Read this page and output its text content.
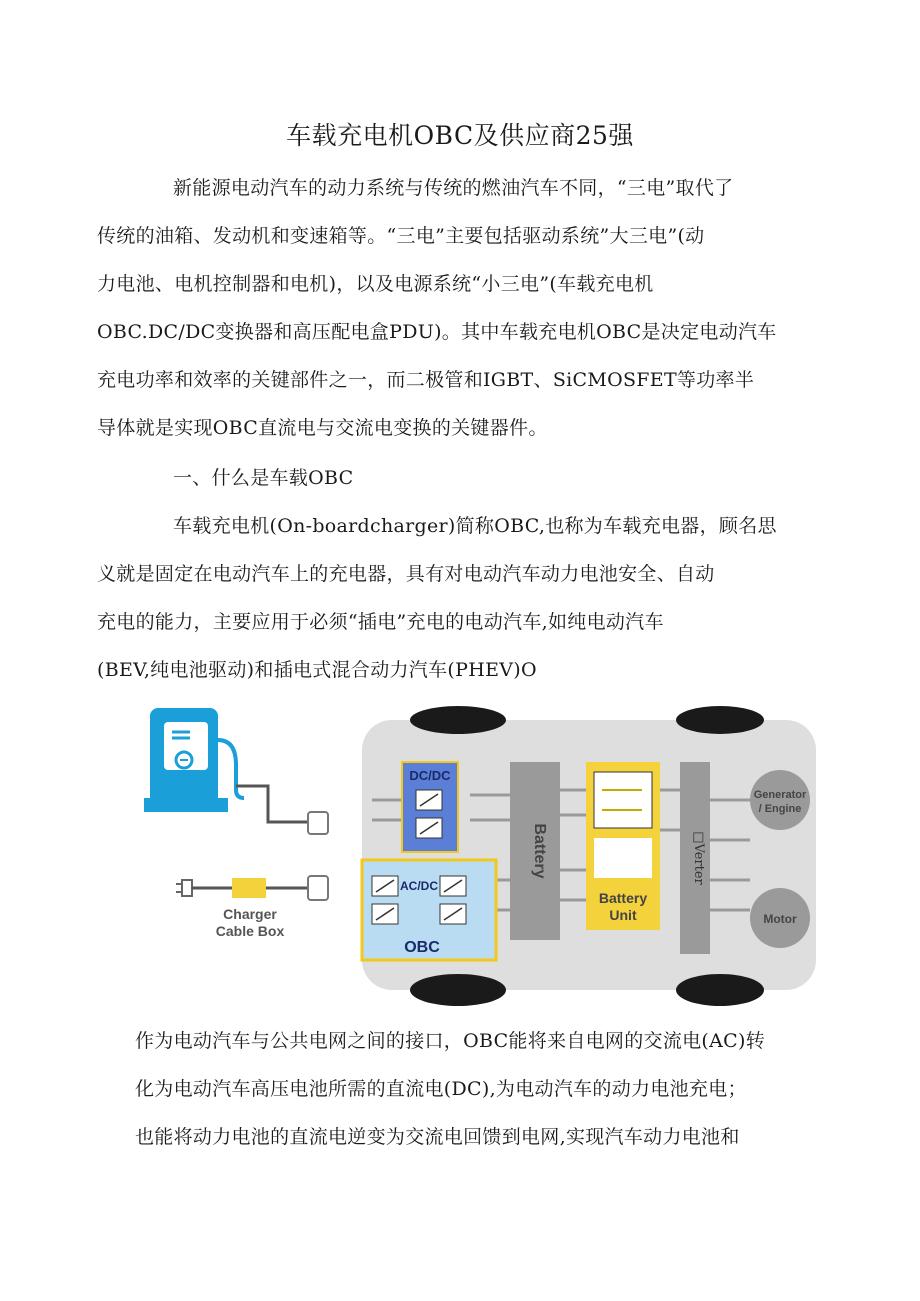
车载充电机OBC及供应商25强

新能源电动汽车的动力系统与传统的燃油汽车不同，“三电”取代了
传统的油箱、发动机和变速箱等。“三电”主要包括驱动系统”大三电”(动
力电池、电机控制器和电机)，以及电源系统“小三电”(车载充电机
OBC.DC/DC变换器和高压配电盒PDU)。其中车载充电机OBC是决定电动汽车
充电功率和效率的关键部件之一，而二极管和IGBT、SiCMOSFET等功率半
导体就是实现OBC直流电与交流电变换的关键器件。

一、什么是车载OBC

车载充电机(On-boardcharger)简称OBC,也称为车载充电器，顾名思
义就是固定在电动汽车上的充电器，具有对电动汽车动力电池安全、自动
充电的能力，主要应用于必须“插电”充电的电动汽车,如纯电动汽车
(BEV,纯电池驱动)和插电式混合动力汽车(PHEV)O

Charger
Cable Box
DC/DC
AC/DC
OBC
Battery
Battery
Unit
□Verter
Generator
/ Engine
Motor

作为电动汽车与公共电网之间的接口，OBC能将来自电网的交流电(AC)转
化为电动汽车高压电池所需的直流电(DC),为电动汽车的动力电池充电；
也能将动力电池的直流电逆变为交流电回馈到电网,实现汽车动力电池和
